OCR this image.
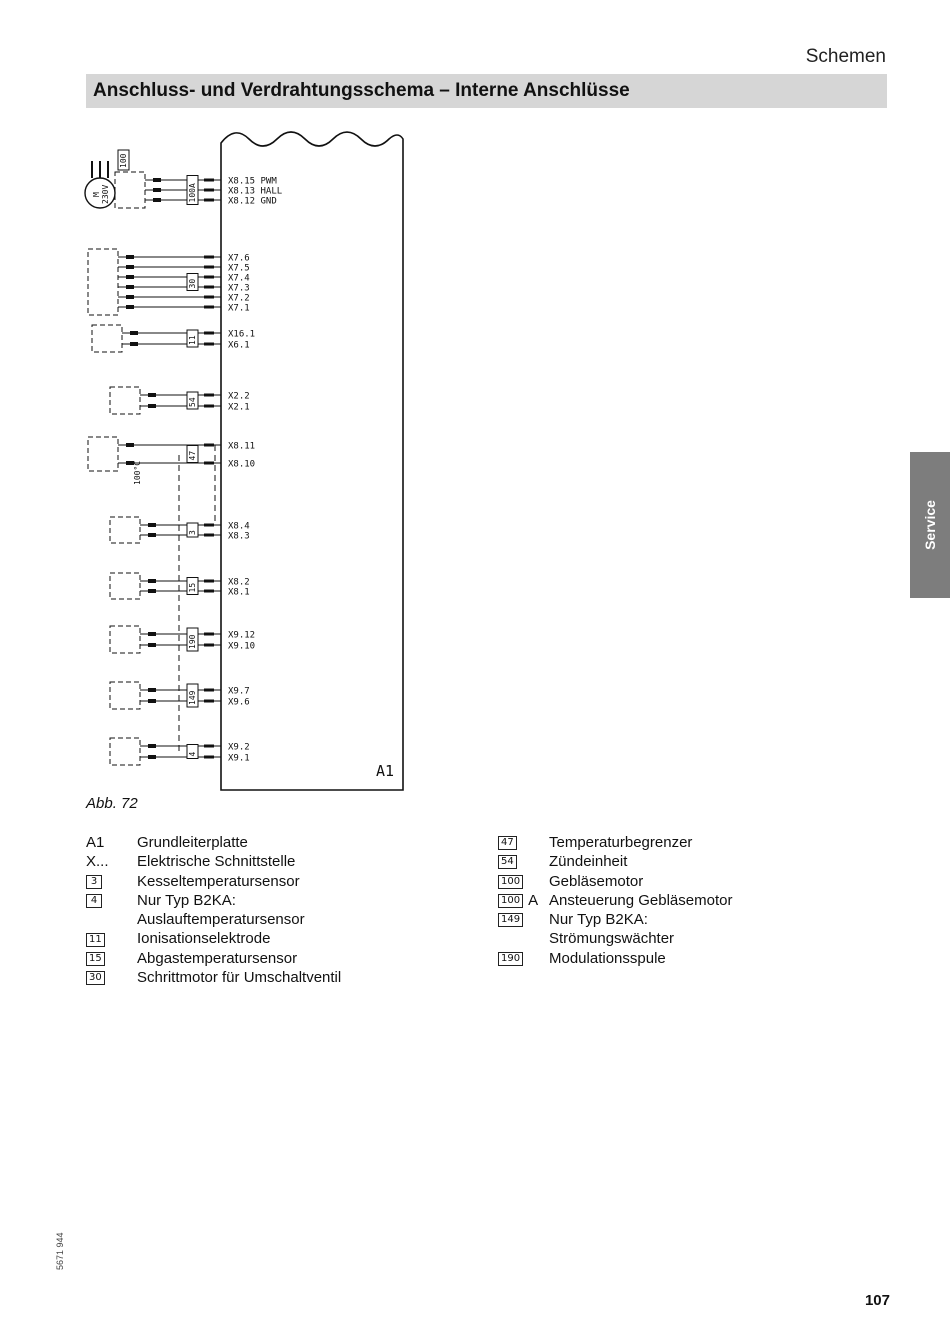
Schemen
Anschluss- und Verdrahtungsschema – Interne Anschlüsse
Service
A1
X8.15 PWM
X8.13 HALL
X8.12 GND
100A
100
X7.6
X7.5
X7.4
X7.3
X7.2
X7.1
30
X16.1
X6.1
11
X2.2
X2.1
54
X8.11
X8.10
47
X8.4
X8.3
3
X8.2
X8.1
15
X9.12
X9.10
190
X9.7
X9.6
149
X9.2
X9.1
4
M 230V
100°C
Abb. 72
A1 Grundleiterplatte
X... Elektrische Schnittstelle
3	Kesseltemperatursensor
4	Nur Typ B2KA:
Auslauftemperatursensor
11 Ionisationselektrode
15 Abgastemperatursensor
30 Schrittmotor für Umschaltventil
47 Temperaturbegrenzer
54 Zündeinheit
100 Gebläsemotor
100 A Ansteuerung Gebläsemotor
149 Nur Typ B2KA:
Strömungswächter
190 Modulationsspule
107
5671 944
